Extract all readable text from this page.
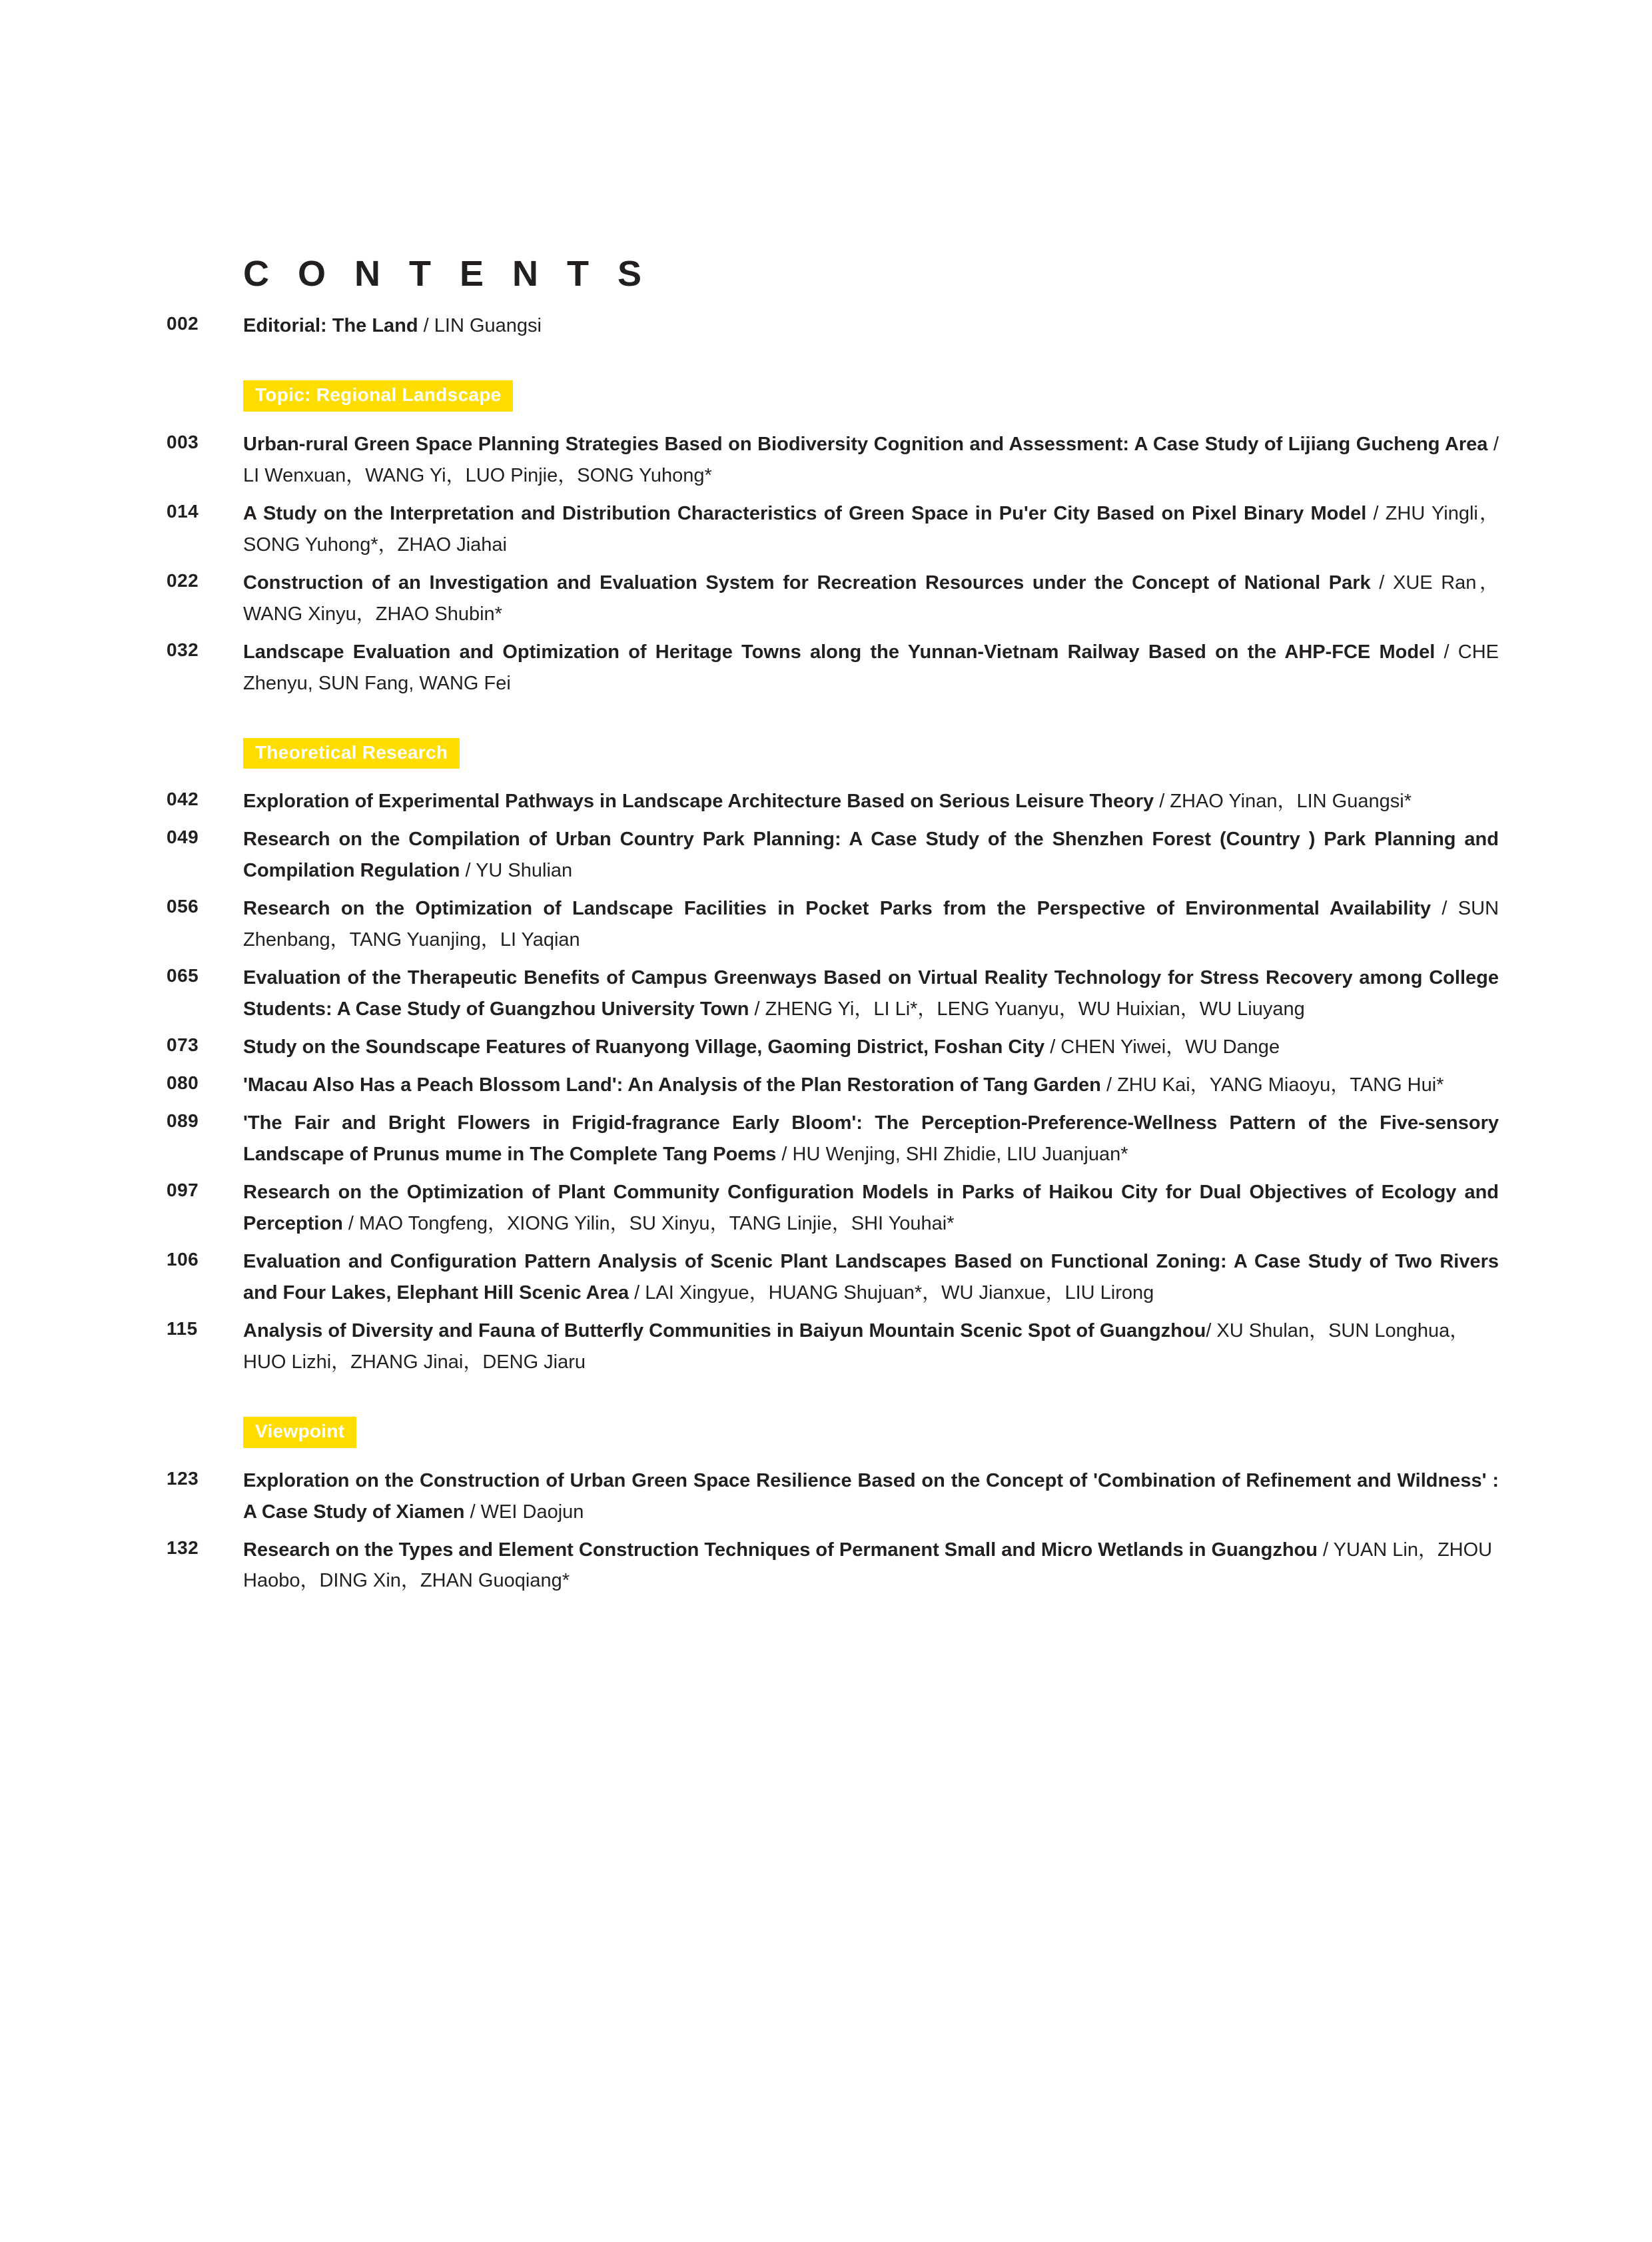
C O N T E N T S
002	Editorial: The Land / LIN Guangsi
Topic: Regional Landscape
003	Urban-rural Green Space Planning Strategies Based on Biodiversity Cognition and Assessment: A Case Study of Lijiang Gucheng Area / LI Wenxuan，WANG Yi，LUO Pinjie，SONG Yuhong*
014	A Study on the Interpretation and Distribution Characteristics of Green Space in Pu'er City Based on Pixel Binary Model / ZHU Yingli，SONG Yuhong*，ZHAO Jiahai
022	Construction of an Investigation and Evaluation System for Recreation Resources under the Concept of National Park / XUE Ran，WANG Xinyu，ZHAO Shubin*
032	Landscape Evaluation and Optimization of Heritage Towns along the Yunnan-Vietnam Railway Based on the AHP-FCE Model / CHE Zhenyu, SUN Fang, WANG Fei
Theoretical Research
042	Exploration of Experimental Pathways in Landscape Architecture Based on Serious Leisure Theory / ZHAO Yinan，LIN Guangsi*
049	Research on the Compilation of Urban Country Park Planning: A Case Study of the Shenzhen Forest (Country ) Park Planning and Compilation Regulation / YU Shulian
056	Research on the Optimization of Landscape Facilities in Pocket Parks from the Perspective of Environmental Availability / SUN Zhenbang，TANG Yuanjing，LI Yaqian
065	Evaluation of the Therapeutic Benefits of Campus Greenways Based on Virtual Reality Technology for Stress Recovery among College Students: A Case Study of Guangzhou University Town / ZHENG Yi，LI Li*，LENG Yuanyu，WU Huixian，WU Liuyang
073	Study on the Soundscape Features of Ruanyong Village, Gaoming District, Foshan City / CHEN Yiwei，WU Dange
080	'Macau Also Has a Peach Blossom Land': An Analysis of the Plan Restoration of Tang Garden / ZHU Kai，YANG Miaoyu，TANG Hui*
089	'The Fair and Bright Flowers in Frigid-fragrance Early Bloom': The Perception-Preference-Wellness Pattern of the Five-sensory Landscape of Prunus mume in The Complete Tang Poems / HU Wenjing, SHI Zhidie, LIU Juanjuan*
097	Research on the Optimization of Plant Community Configuration Models in Parks of Haikou City for Dual Objectives of Ecology and Perception / MAO Tongfeng，XIONG Yilin，SU Xinyu，TANG Linjie，SHI Youhai*
106	Evaluation and Configuration Pattern Analysis of Scenic Plant Landscapes Based on Functional Zoning: A Case Study of Two Rivers and Four Lakes, Elephant Hill Scenic Area / LAI Xingyue，HUANG Shujuan*，WU Jianxue，LIU Lirong
115	Analysis of Diversity and Fauna of Butterfly Communities in Baiyun Mountain Scenic Spot of Guangzhou/ XU Shulan，SUN Longhua，HUO Lizhi，ZHANG Jinai，DENG Jiaru
Viewpoint
123	Exploration on the Construction of Urban Green Space Resilience Based on the Concept of 'Combination of Refinement and Wildness' : A Case Study of Xiamen / WEI Daojun
132	Research on the Types and Element Construction Techniques of Permanent Small and Micro Wetlands in Guangzhou / YUAN Lin，ZHOU Haobo，DING Xin，ZHAN Guoqiang*
